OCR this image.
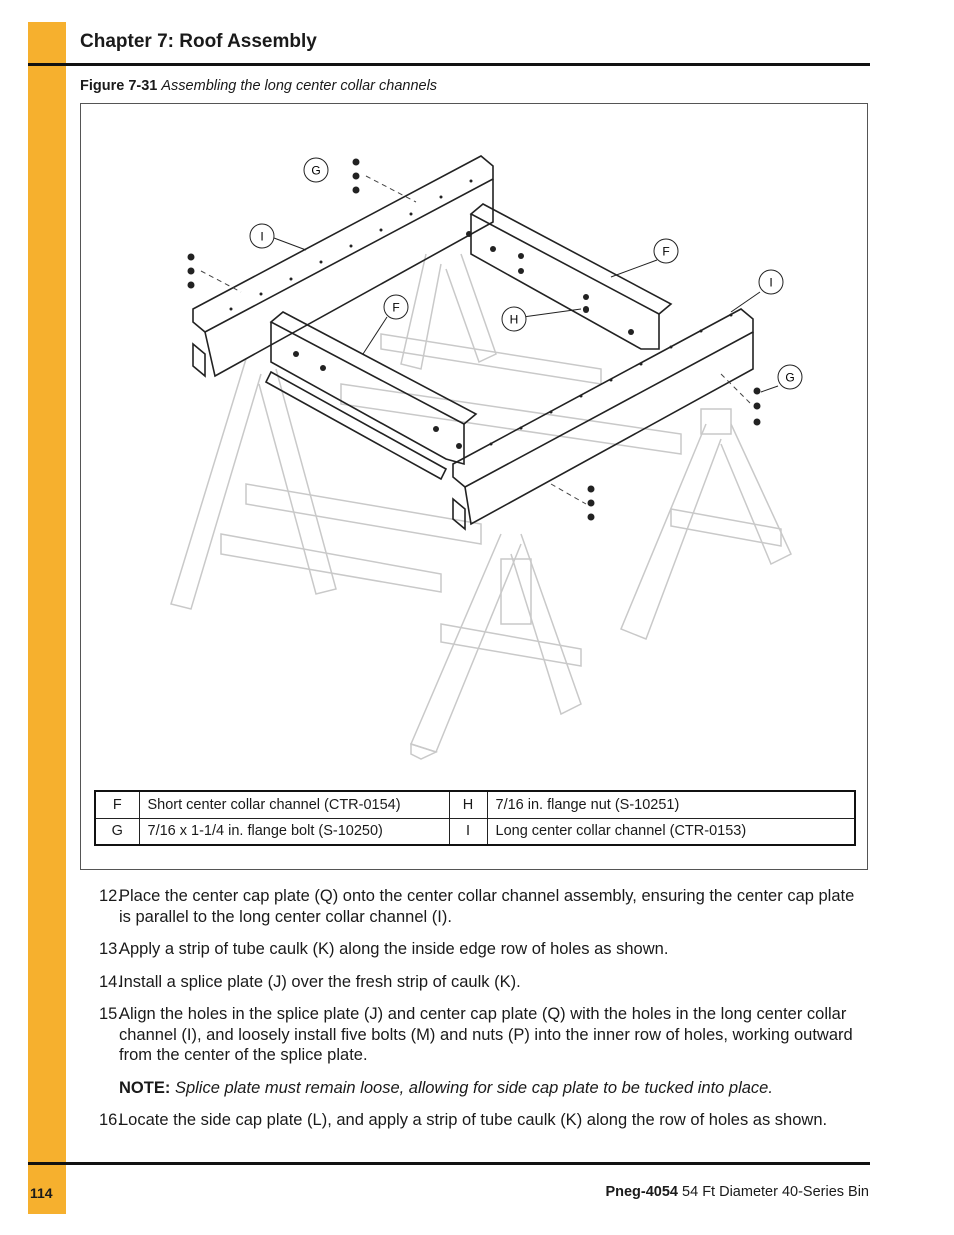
Chapter 7: Roof Assembly
Figure 7-31 Assembling the long center collar channels
G
I
F
I
F
H
G
F	Short center collar channel (CTR-0154)	H	7/16 in. flange nut (S-10251)
G	7/16 x 1-1/4 in. flange bolt (S-10250)	I	Long center collar channel (CTR-0153)
12.
Place the center cap plate (Q) onto the center collar channel assembly, ensuring the center cap plate is parallel to the long center collar channel (I).
13.
Apply a strip of tube caulk (K) along the inside edge row of holes as shown.
14.
Install a splice plate (J) over the fresh strip of caulk (K).
15.
Align the holes in the splice plate (J) and center cap plate (Q) with the holes in the long center collar channel (I), and loosely install five bolts (M) and nuts (P) into the inner row of holes, working outward from the center of the splice plate.
NOTE: Splice plate must remain loose, allowing for side cap plate to be tucked into place.
16.
Locate the side cap plate (L), and apply a strip of tube caulk (K) along the row of holes as shown.
114	Pneg-4054 54 Ft Diameter 40-Series Bin
